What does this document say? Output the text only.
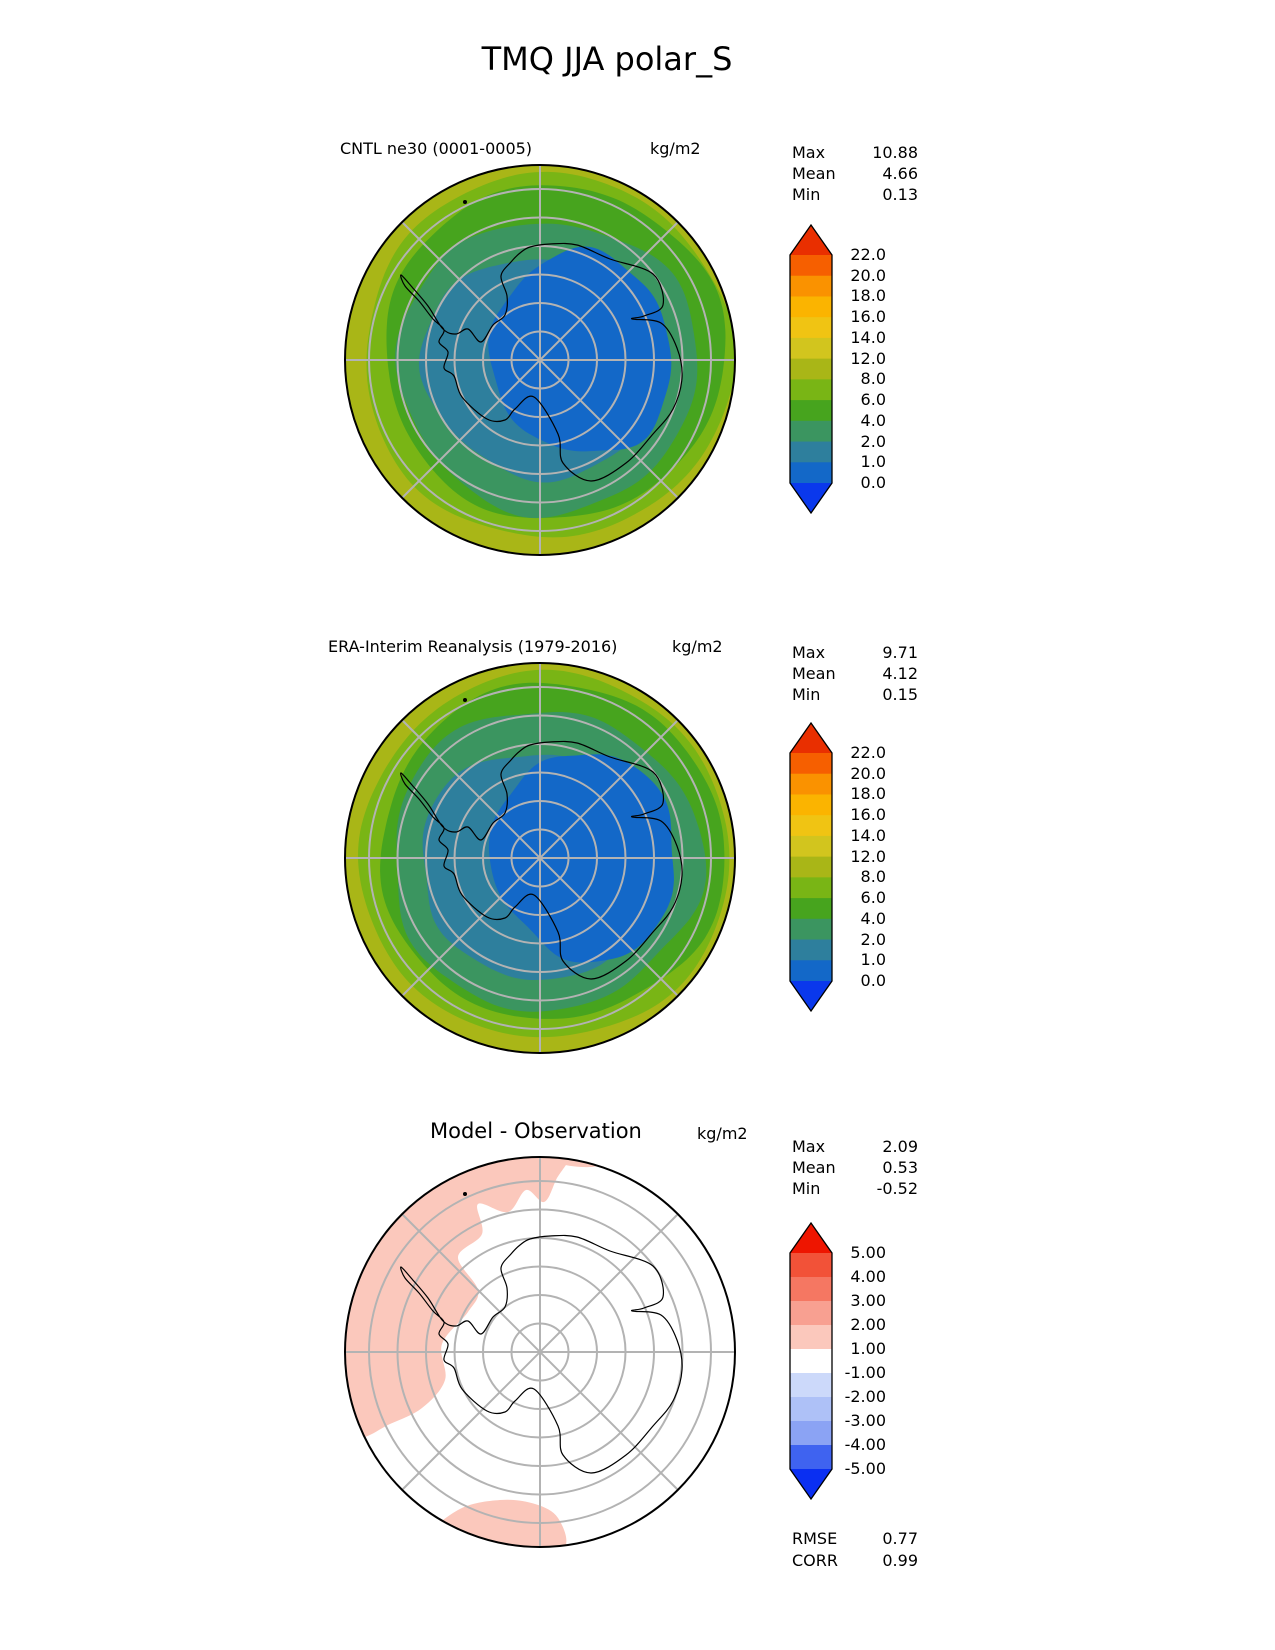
TMQ JJA polar_S
CNTL ne30 (0001-0005)	kg/m2	Max	10.88
Mean	4.66
Min	0.13
22.0
20.0
18.0
16.0
14.0
12.0
8.0
6.0
4.0
2.0
1.0
0.0
ERA-Interim Reanalysis (1979-2016)	kg/m2	Max	9.71
Mean	4.12
Min	0.15
22.0
20.0
18.0
16.0
14.0
12.0
8.0
6.0
4.0
2.0
1.0
0.0
Model - Observation	kg/m2
Max	2.09
Mean	0.53
Min	-0.52
5.00
4.00
3.00
2.00
1.00
-1.00
-2.00
-3.00
-4.00
-5.00
RMSE	0.77
CORR	0.99
